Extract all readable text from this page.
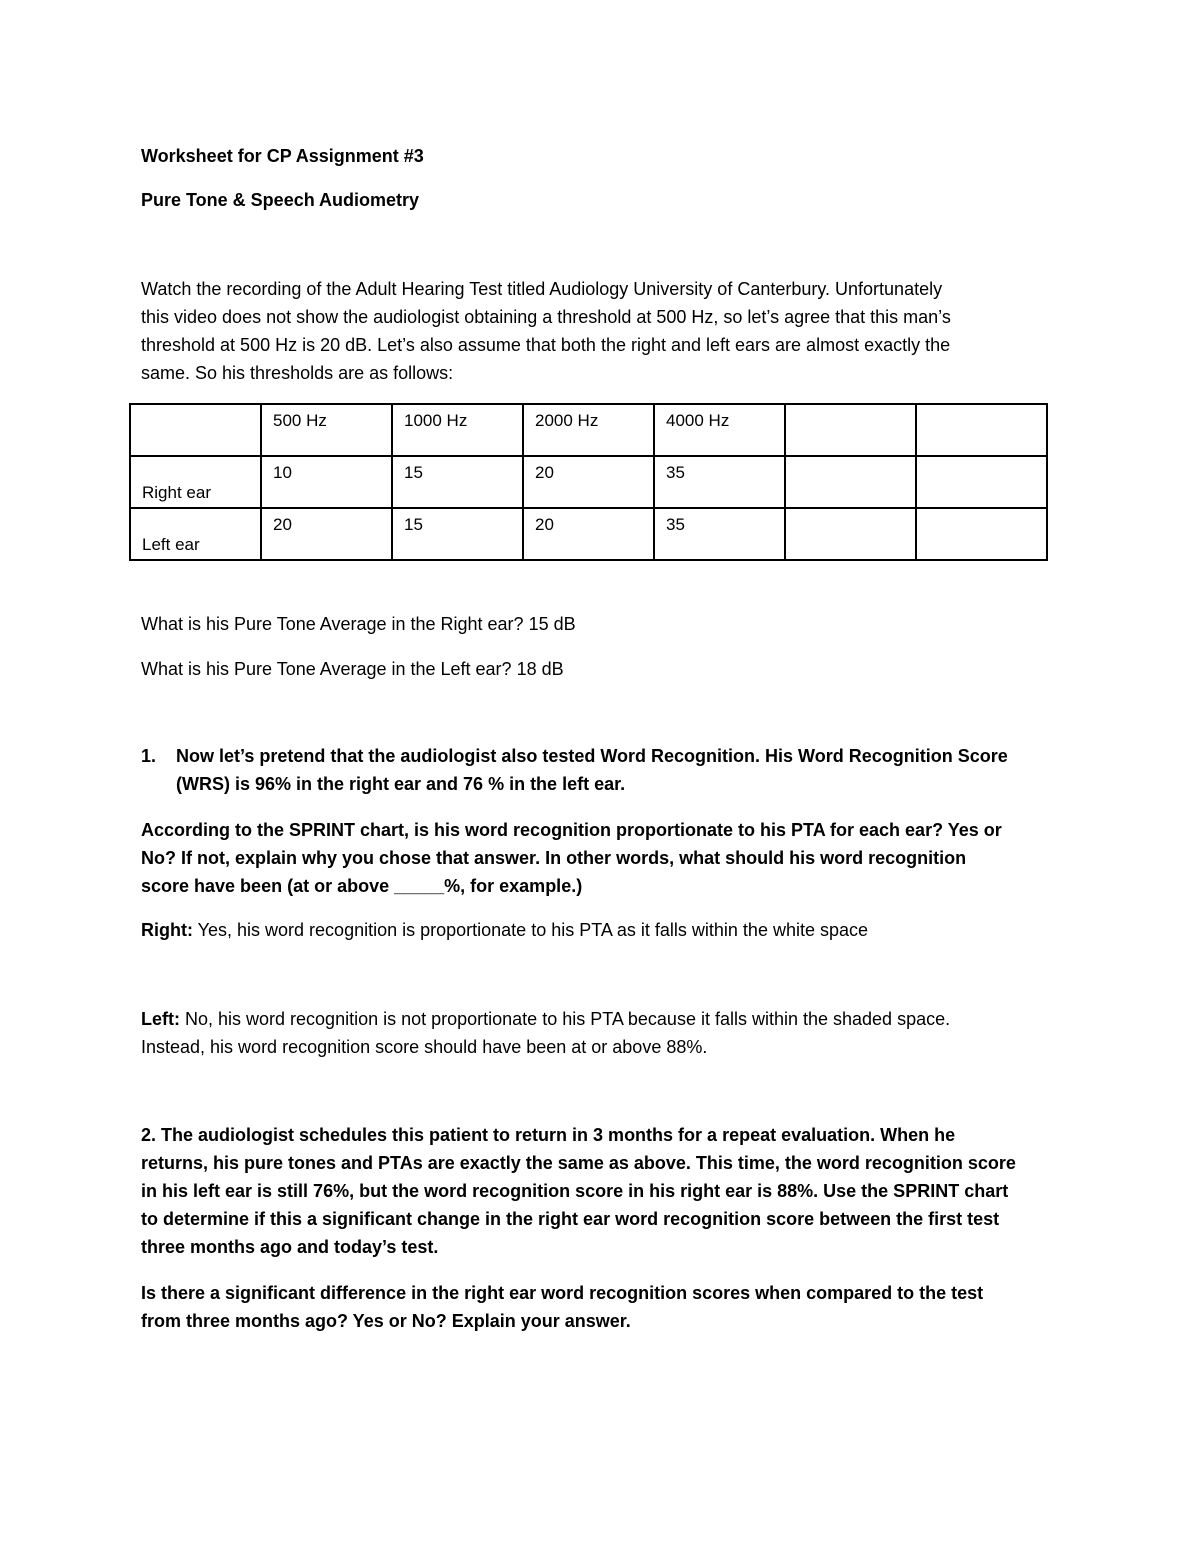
Worksheet for CP Assignment #3

Pure Tone & Speech Audiometry

Watch the recording of the Adult Hearing Test titled Audiology University of Canterbury. Unfortunately
this video does not show the audiologist obtaining a threshold at 500 Hz, so let’s agree that this man’s
threshold at 500 Hz is 20 dB. Let’s also assume that both the right and left ears are almost exactly the
same. So his thresholds are as follows:

	500 Hz	1000 Hz	2000 Hz	4000 Hz		

Right ear	10	15	20	35		

Left ear	20	15	20	35		

What is his Pure Tone Average in the Right ear? 15 dB

What is his Pure Tone Average in the Left ear? 18 dB

1. Now let’s pretend that the audiologist also tested Word Recognition. His Word Recognition Score
(WRS) is 96% in the right ear and 76 % in the left ear.
According to the SPRINT chart, is his word recognition proportionate to his PTA for each ear? Yes or
No? If not, explain why you chose that answer. In other words, what should his word recognition
score have been (at or above _____%, for example.)

Right: Yes, his word recognition is proportionate to his PTA as it falls within the white space

Left: No, his word recognition is not proportionate to his PTA because it falls within the shaded space.
Instead, his word recognition score should have been at or above 88%.
2. The audiologist schedules this patient to return in 3 months for a repeat evaluation. When he
returns, his pure tones and PTAs are exactly the same as above. This time, the word recognition score
in his left ear is still 76%, but the word recognition score in his right ear is 88%. Use the SPRINT chart
to determine if this a significant change in the right ear word recognition score between the first test
three months ago and today’s test.
Is there a significant difference in the right ear word recognition scores when compared to the test
from three months ago? Yes or No? Explain your answer.
